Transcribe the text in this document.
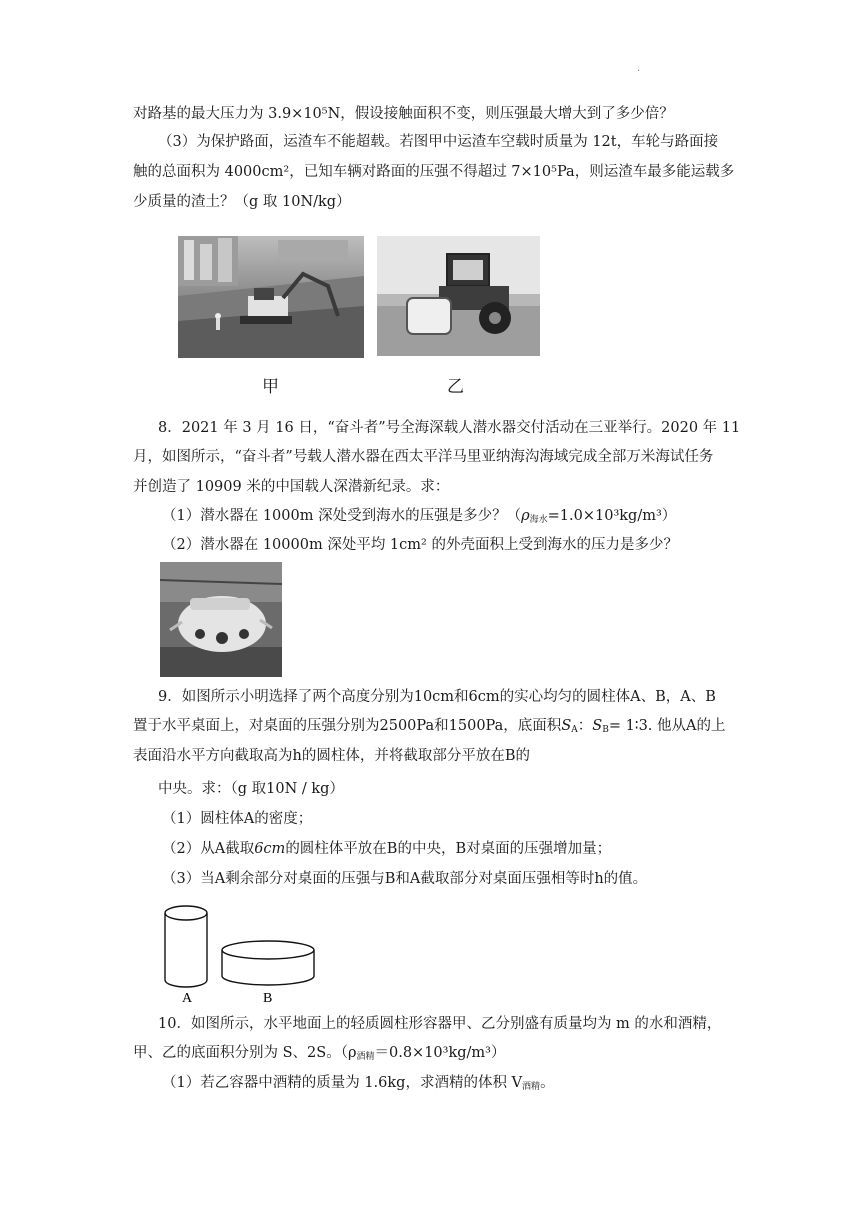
·
对路基的最大压力为 3.9×10⁵N，假设接触面积不变，则压强最大增大到了多少倍？
（3）为保护路面，运渣车不能超载。若图甲中运渣车空载时质量为 12t，车轮与路面接
触的总面积为 4000cm²，已知车辆对路面的压强不得超过 7×10⁵Pa，则运渣车最多能运载多
少质量的渣土？（g 取 10N/kg）
甲	乙
8．2021 年 3 月 16 日，“奋斗者”号全海深载人潜水器交付活动在三亚举行。2020 年 11
月，如图所示，“奋斗者”号载人潜水器在西太平洋马里亚纳海沟海域完成全部万米海试任务
并创造了 10909 米的中国载人深潜新纪录。求：
（1）潜水器在 1000m 深处受到海水的压强是多少？$(\rho_{海水}=1.0\times 10^3kg/m^3)$
（2）潜水器在 10000m 深处平均 1cm² 的外壳面积上受到海水的压力是多少？
9．如图所示小明选择了两个高度分别为10cm和6cm的实心均匀的圆柱体A、B，A、B
置于水平桌面上，对桌面的压强分别为2500Pa和1500Pa，底面积$S_A$：$S_B=$ 1∶3. 他从A的上
表面沿水平方向截取高为h的圆柱体，并将截取部分平放在B的
中央。求：（g 取10N / kg）
（1）圆柱体A的密度；
（2）从A截取6cm的圆柱体平放在B的中央，B对桌面的压强增加量；
（3）当A剩余部分对桌面的压强与B和A截取部分对桌面压强相等时h的值。
A	B
10．如图所示，水平地面上的轻质圆柱形容器甲、乙分别盛有质量均为 m 的水和酒精，
甲、乙的底面积分别为 S、2S。$(\rho_{酒精}=0.8\times 10^3kg/m^3)$
（1）若乙容器中酒精的质量为 1.6kg，求酒精的体积 $V_{酒精}$。
